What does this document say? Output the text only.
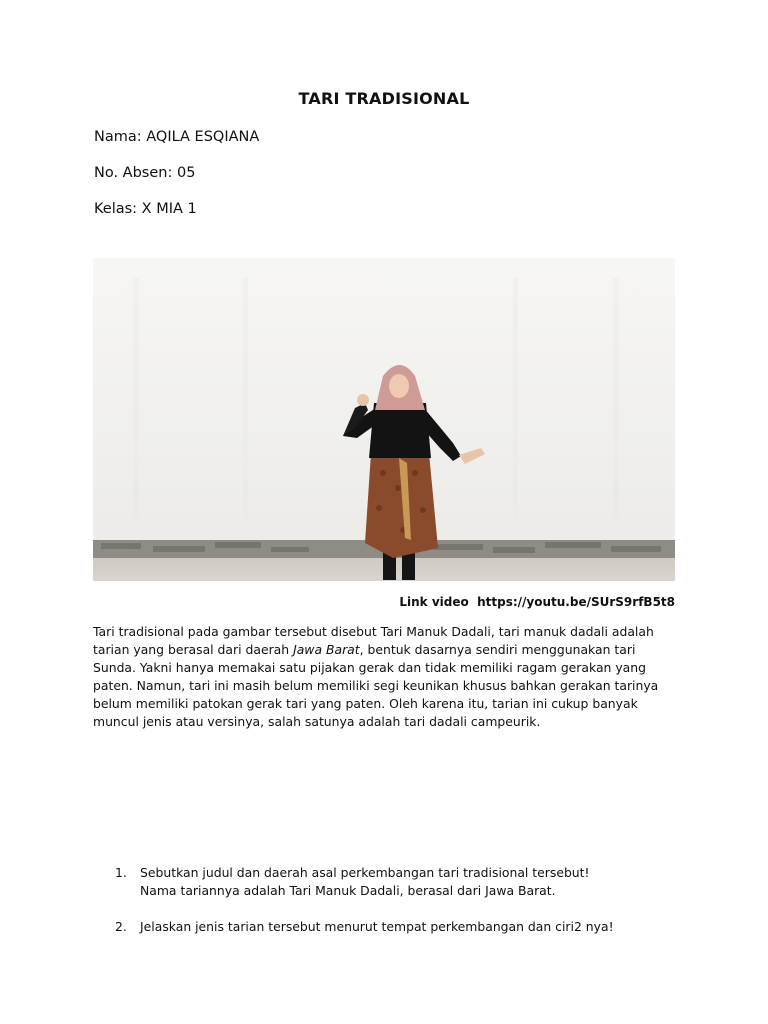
TARI TRADISIONAL
Nama: AQILA ESQIANA
No. Absen: 05
Kelas: X MIA 1
Link video https://youtu.be/SUrS9rfB5t8
Tari tradisional pada gambar tersebut disebut Tari Manuk Dadali, tari manuk dadali adalah tarian yang berasal dari daerah Jawa Barat, bentuk dasarnya sendiri menggunakan tari Sunda. Yakni hanya memakai satu pijakan gerak dan tidak memiliki ragam gerakan yang paten. Namun, tari ini masih belum memiliki segi keunikan khusus bahkan gerakan tarinya belum memiliki patokan gerak tari yang paten. Oleh karena itu, tarian ini cukup banyak muncul jenis atau versinya, salah satunya adalah tari dadali campeurik.
1. Sebutkan judul dan daerah asal perkembangan tari tradisional tersebut!
Nama tariannya adalah Tari Manuk Dadali, berasal dari Jawa Barat.
2. Jelaskan jenis tarian tersebut menurut tempat perkembangan dan ciri2 nya!
